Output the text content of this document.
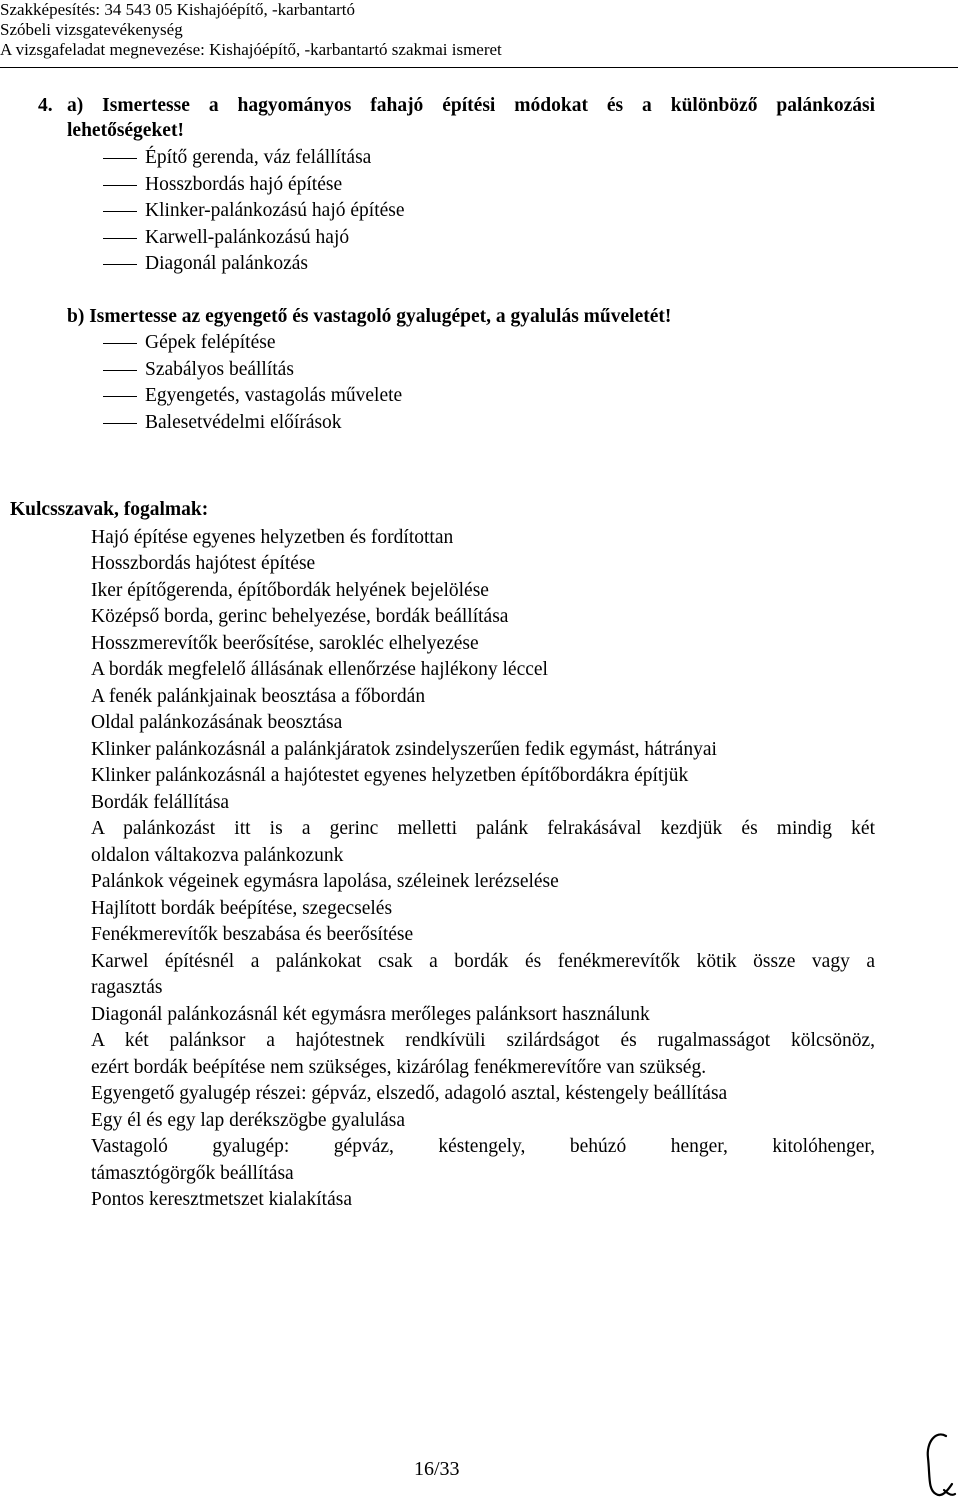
Szakképesítés: 34 543 05 Kishajóépítő, -karbantartó
Szóbeli vizsgatevékenység
A vizsgafeladat megnevezése: Kishajóépítő, -karbantartó szakmai ismeret
4. a) Ismertesse a hagyományos fahajó építési módokat és a különböző palánkozási
lehetőségeket!
Építő gerenda, váz felállítása
Hosszbordás hajó építése
Klinker-palánkozású hajó építése
Karwell-palánkozású hajó
Diagonál palánkozás
b) Ismertesse az egyengető és vastagoló gyalugépet, a gyalulás műveletét!
Gépek felépítése
Szabályos beállítás
Egyengetés, vastagolás művelete
Balesetvédelmi előírások
Kulcsszavak, fogalmak:
Hajó építése egyenes helyzetben és fordítottan
Hosszbordás hajótest építése
Iker építőgerenda, építőbordák helyének bejelölése
Középső borda, gerinc behelyezése, bordák beállítása
Hosszmerevítők beerősítése, sarokléc elhelyezése
A bordák megfelelő állásának ellenőrzése hajlékony léccel
A fenék palánkjainak beosztása a főbordán
Oldal palánkozásának beosztása
Klinker palánkozásnál a palánkjáratok zsindelyszerűen fedik egymást, hátrányai
Klinker palánkozásnál a hajótestet egyenes helyzetben építőbordákra építjük
Bordák felállítása
A palánkozást itt is a gerinc melletti palánk felrakásával kezdjük és mindig két
oldalon váltakozva palánkozunk
Palánkok végeinek egymásra lapolása, széleinek lerézselése
Hajlított bordák beépítése, szegecselés
Fenékmerevítők beszabása és beerősítése
Karwel építésnél a palánkokat csak a bordák és fenékmerevítők kötik össze vagy a
ragasztás
Diagonál palánkozásnál két egymásra merőleges palánksort használunk
A két palánksor a hajótestnek rendkívüli szilárdságot és rugalmasságot kölcsönöz,
ezért bordák beépítése nem szükséges, kizárólag fenékmerevítőre van szükség.
Egyengető gyalugép részei: gépváz, elszedő, adagoló asztal, késtengely beállítása
Egy él és egy lap derékszögbe gyalulása
Vastagoló gyalugép: gépváz, késtengely, behúzó henger, kitolóhenger,
támasztógörgők beállítása
Pontos keresztmetszet kialakítása
16/33
